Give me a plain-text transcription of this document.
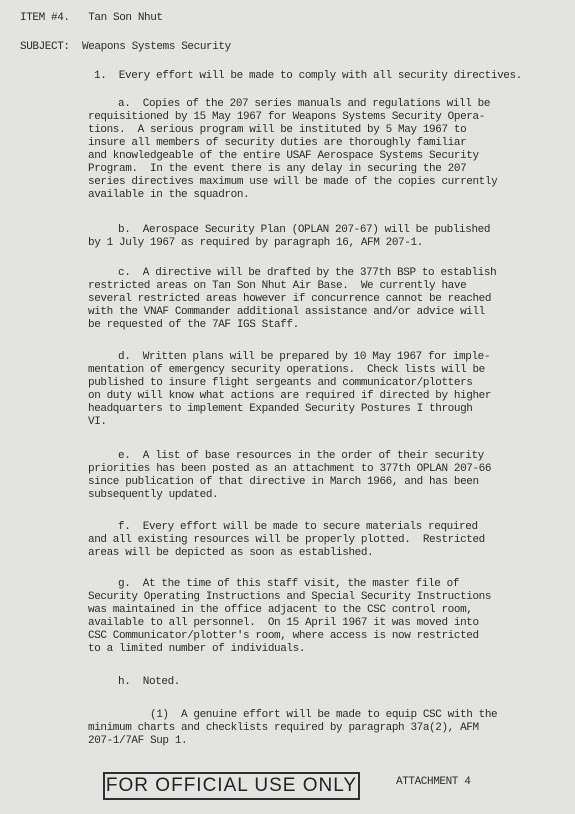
ITEM #4.   Tan Son Nhut
SUBJECT:  Weapons Systems Security
1.  Every effort will be made to comply with all security directives.
a.  Copies of the 207 series manuals and regulations will be
requisitioned by 15 May 1967 for Weapons Systems Security Opera-
tions.  A serious program will be instituted by 5 May 1967 to
insure all members of security duties are thoroughly familiar
and knowledgeable of the entire USAF Aerospace Systems Security
Program.  In the event there is any delay in securing the 207
series directives maximum use will be made of the copies currently
available in the squadron.
b.  Aerospace Security Plan (OPLAN 207-67) will be published
by 1 July 1967 as required by paragraph 16, AFM 207-1.
c.  A directive will be drafted by the 377th BSP to establish
restricted areas on Tan Son Nhut Air Base.  We currently have
several restricted areas however if concurrence cannot be reached
with the VNAF Commander additional assistance and/or advice will
be requested of the 7AF IGS Staff.
d.  Written plans will be prepared by 10 May 1967 for imple-
mentation of emergency security operations.  Check lists will be
published to insure flight sergeants and communicator/plotters
on duty will know what actions are required if directed by higher
headquarters to implement Expanded Security Postures I through
VI.
e.  A list of base resources in the order of their security
priorities has been posted as an attachment to 377th OPLAN 207-66
since publication of that directive in March 1966, and has been
subsequently updated.
f.  Every effort will be made to secure materials required
and all existing resources will be properly plotted.  Restricted
areas will be depicted as soon as established.
g.  At the time of this staff visit, the master file of
Security Operating Instructions and Special Security Instructions
was maintained in the office adjacent to the CSC control room,
available to all personnel.  On 15 April 1967 it was moved into
CSC Communicator/plotter's room, where access is now restricted
to a limited number of individuals.
h.  Noted.
(1)  A genuine effort will be made to equip CSC with the
minimum charts and checklists required by paragraph 37a(2), AFM
207-1/7AF Sup 1.
FOR OFFICIAL USE ONLY	ATTACHMENT 4
